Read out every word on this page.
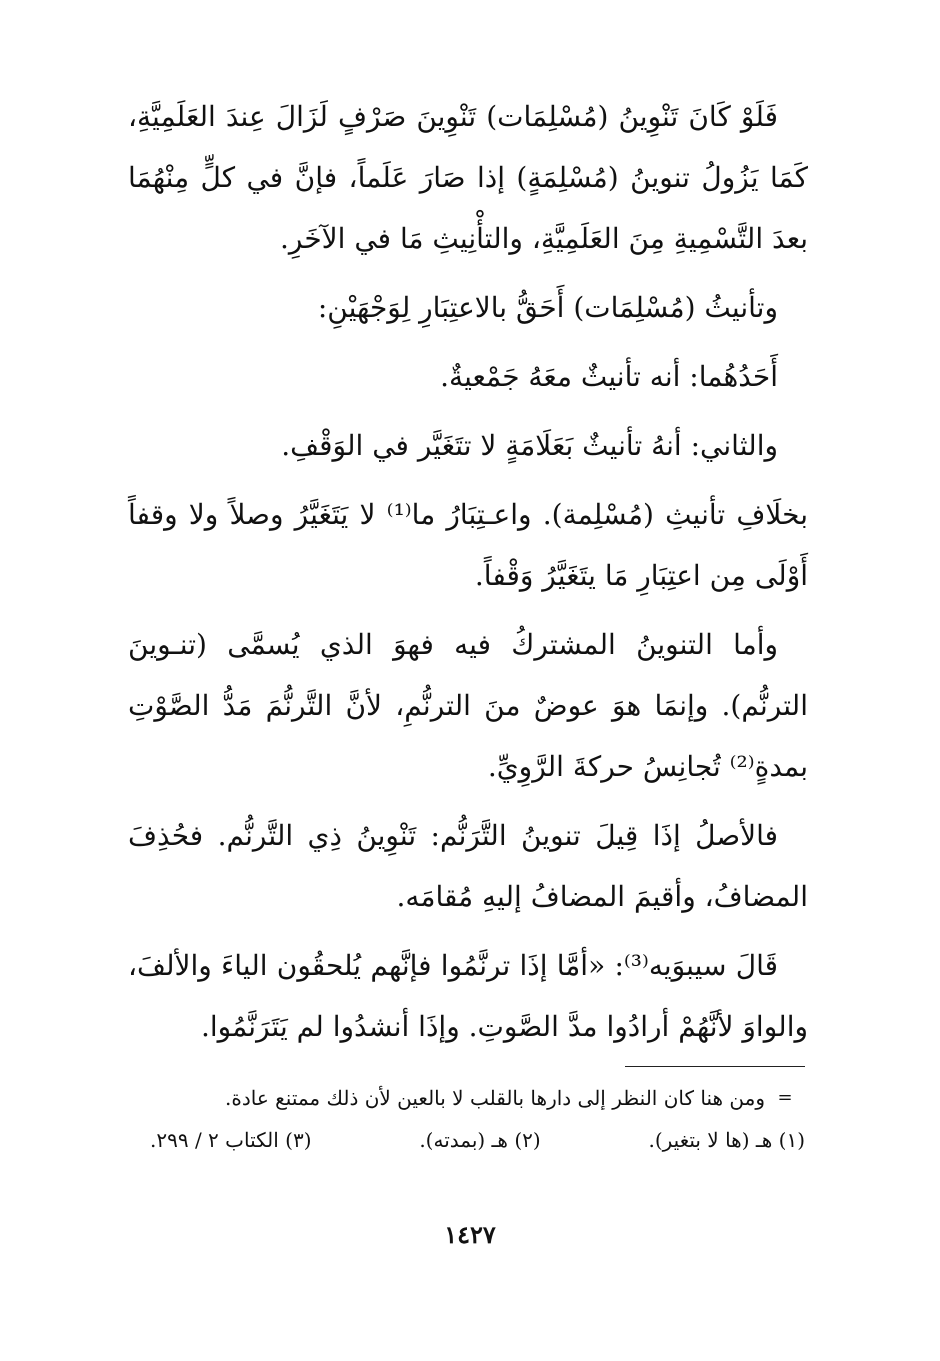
فَلَوْ كَانَ تَنْوِينُ (مُسْلِمَات) تَنْوِينَ صَرْفٍ لَزَالَ عِندَ العَلَمِيَّةِ، كَمَا يَزُولُ تنوينُ (مُسْلِمَةٍ) إذا صَارَ عَلَماً، فإنَّ في كلٍّ مِنْهُمَا بعدَ التَّسْمِيةِ مِنَ العَلَمِيَّةِ، والتأْنِيثِ مَا في الآخَرِ.

وتأنيثُ (مُسْلِمَات) أَحَقُّ بالاعتِبَارِ لِوَجْهَيْنِ:

أَحَدُهُما: أنه تأنيثٌ معَهُ جَمْعيةٌ.

والثاني: أنهُ تأنيثٌ بَعَلَامَةٍ لا تتَغَيَّر في الوَقْفِ.

بخلَافِ تأنيثِ (مُسْلِمة). واعـتِبَارُ ما⁽¹⁾ لا يَتَغَيَّرُ وصلاً ولا وقفاً أَوْلَى مِن اعتِبَارِ مَا يتَغَيَّرُ وَقْفاً.

وأما التنوينُ المشتركُ فيه فهوَ الذي يُسمَّى (تنـوينَ الترنُّم). وإنمَا هوَ عوضٌ منَ الترنُّمِ، لأنَّ التَّرنُّمَ مَدُّ الصَّوْتِ بمدةٍ⁽²⁾ تُجانِسُ حركةَ الرَّوِيِّ.

فالأصلُ إذَا قِيلَ تنوينُ التَّرَنُّم: تَنْوِينُ ذِي التَّرنُّم. فحُذِفَ المضافُ، وأقيمَ المضافُ إليهِ مُقامَه.

قَالَ سيبوَيه⁽³⁾: «أمَّا إذَا ترنَّمُوا فإنَّهم يُلحقُون الياءَ والألفَ، والواوَ لأنَّهُمْ أرادُوا مدَّ الصَّوتِ. وإذَا أنشدُوا لم يَتَرَنَّمُوا.

=
ومن هنا كان النظر إلى دارها بالقلب لا بالعين لأن ذلك ممتنع عادة.
(١) هـ (ها لا بتغير).
(٢) هـ (بمدته).
(٣) الكتاب ٢ / ٢٩٩.
١٤٢٧
